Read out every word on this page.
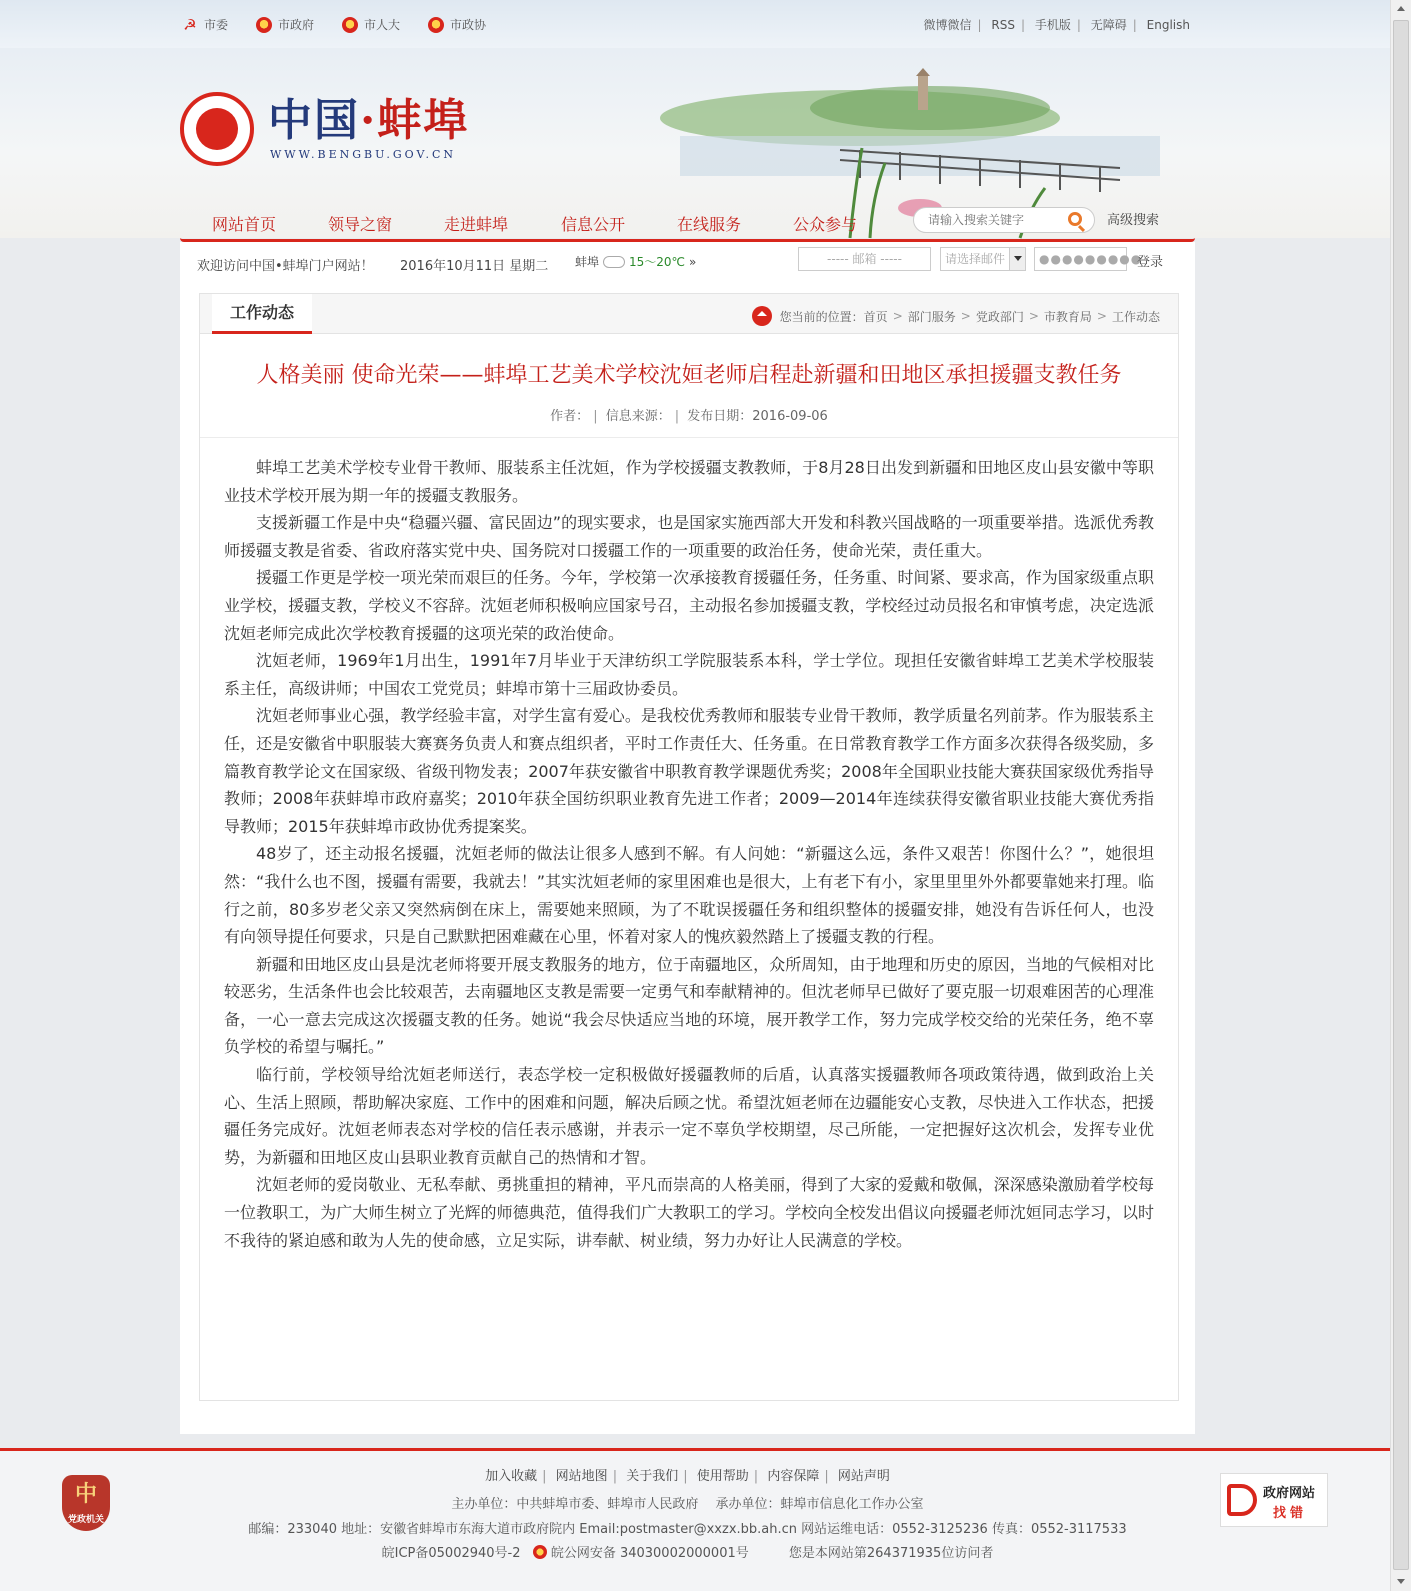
☭ 市委	市政府	市人大	市政协	微博微信 | RSS | 手机版 | 无障碍 | English
中国·蚌埠
WWW.BENGBU.GOV.CN
网站首页	领导之窗	走进蚌埠	信息公开	在线服务	公众参与
请输入搜索关键字	高级搜索
欢迎访问中国•蚌埠门户网站！ 2016年10月11日 星期二 蚌埠	15～20℃ »	----- 邮箱 -----	请选择邮件	●●●●●●●●●
登录
工作动态	您当前的位置：首页 > 部门服务 > 党政部门 > 市教育局 > 工作动态
人格美丽 使命光荣——蚌埠工艺美术学校沈姮老师启程赴新疆和田地区承担援疆支教任务
作者： | 信息来源： | 发布日期：2016-09-06

蚌埠工艺美术学校专业骨干教师、服装系主任沈姮，作为学校援疆支教教师，于8月28日出发到新疆和田地区皮山县安徽中等职业技术学校开展为期一年的援疆支教服务。

支援新疆工作是中央“稳疆兴疆、富民固边”的现实要求，也是国家实施西部大开发和科教兴国战略的一项重要举措。选派优秀教师援疆支教是省委、省政府落实党中央、国务院对口援疆工作的一项重要的政治任务，使命光荣，责任重大。

援疆工作更是学校一项光荣而艰巨的任务。今年，学校第一次承接教育援疆任务，任务重、时间紧、要求高，作为国家级重点职业学校，援疆支教，学校义不容辞。沈姮老师积极响应国家号召，主动报名参加援疆支教，学校经过动员报名和审慎考虑，决定选派沈姮老师完成此次学校教育援疆的这项光荣的政治使命。

沈姮老师，1969年1月出生，1991年7月毕业于天津纺织工学院服装系本科，学士学位。现担任安徽省蚌埠工艺美术学校服装系主任，高级讲师；中国农工党党员；蚌埠市第十三届政协委员。

沈姮老师事业心强，教学经验丰富，对学生富有爱心。是我校优秀教师和服装专业骨干教师，教学质量名列前茅。作为服装系主任，还是安徽省中职服装大赛赛务负责人和赛点组织者，平时工作责任大、任务重。在日常教育教学工作方面多次获得各级奖励，多篇教育教学论文在国家级、省级刊物发表；2007年获安徽省中职教育教学课题优秀奖；2008年全国职业技能大赛获国家级优秀指导教师；2008年获蚌埠市政府嘉奖；2010年获全国纺织职业教育先进工作者；2009—2014年连续获得安徽省职业技能大赛优秀指导教师；2015年获蚌埠市政协优秀提案奖。

48岁了，还主动报名援疆，沈姮老师的做法让很多人感到不解。有人问她：“新疆这么远，条件又艰苦！你图什么？”，她很坦然：“我什么也不图，援疆有需要，我就去！”其实沈姮老师的家里困难也是很大，上有老下有小，家里里里外外都要靠她来打理。临行之前，80多岁老父亲又突然病倒在床上，需要她来照顾，为了不耽误援疆任务和组织整体的援疆安排，她没有告诉任何人，也没有向领导提任何要求，只是自己默默把困难藏在心里，怀着对家人的愧疚毅然踏上了援疆支教的行程。

新疆和田地区皮山县是沈老师将要开展支教服务的地方，位于南疆地区，众所周知，由于地理和历史的原因，当地的气候相对比较恶劣，生活条件也会比较艰苦，去南疆地区支教是需要一定勇气和奉献精神的。但沈老师早已做好了要克服一切艰难困苦的心理准备，一心一意去完成这次援疆支教的任务。她说“我会尽快适应当地的环境，展开教学工作，努力完成学校交给的光荣任务，绝不辜负学校的希望与嘱托。”

临行前，学校领导给沈姮老师送行，表态学校一定积极做好援疆教师的后盾，认真落实援疆教师各项政策待遇，做到政治上关心、生活上照顾，帮助解决家庭、工作中的困难和问题，解决后顾之忧。希望沈姮老师在边疆能安心支教，尽快进入工作状态，把援疆任务完成好。沈姮老师表态对学校的信任表示感谢，并表示一定不辜负学校期望，尽己所能，一定把握好这次机会，发挥专业优势，为新疆和田地区皮山县职业教育贡献自己的热情和才智。

沈姮老师的爱岗敬业、无私奉献、勇挑重担的精神，平凡而崇高的人格美丽，得到了大家的爱戴和敬佩，深深感染激励着学校每一位教职工，为广大师生树立了光辉的师德典范，值得我们广大教职工的学习。学校向全校发出倡议向援疆老师沈姮同志学习，以时不我待的紧迫感和敢为人先的使命感，立足实际，讲奉献、树业绩，努力办好让人民满意的学校。

中
党政机关
加入收藏 | 网站地图 | 关于我们 | 使用帮助 | 内容保障 | 网站声明
主办单位：中共蚌埠市委、蚌埠市人民政府　 承办单位：蚌埠市信息化工作办公室
邮编：233040 地址：安徽省蚌埠市东海大道市政府院内 Email:postmaster@xxzx.bb.ah.cn 网站运维电话：0552-3125236 传真：0552-3117533
皖ICP备05002940号-2 皖公网安备 34030002000001号	您是本网站第264371935位访问者
政府网站
找错
